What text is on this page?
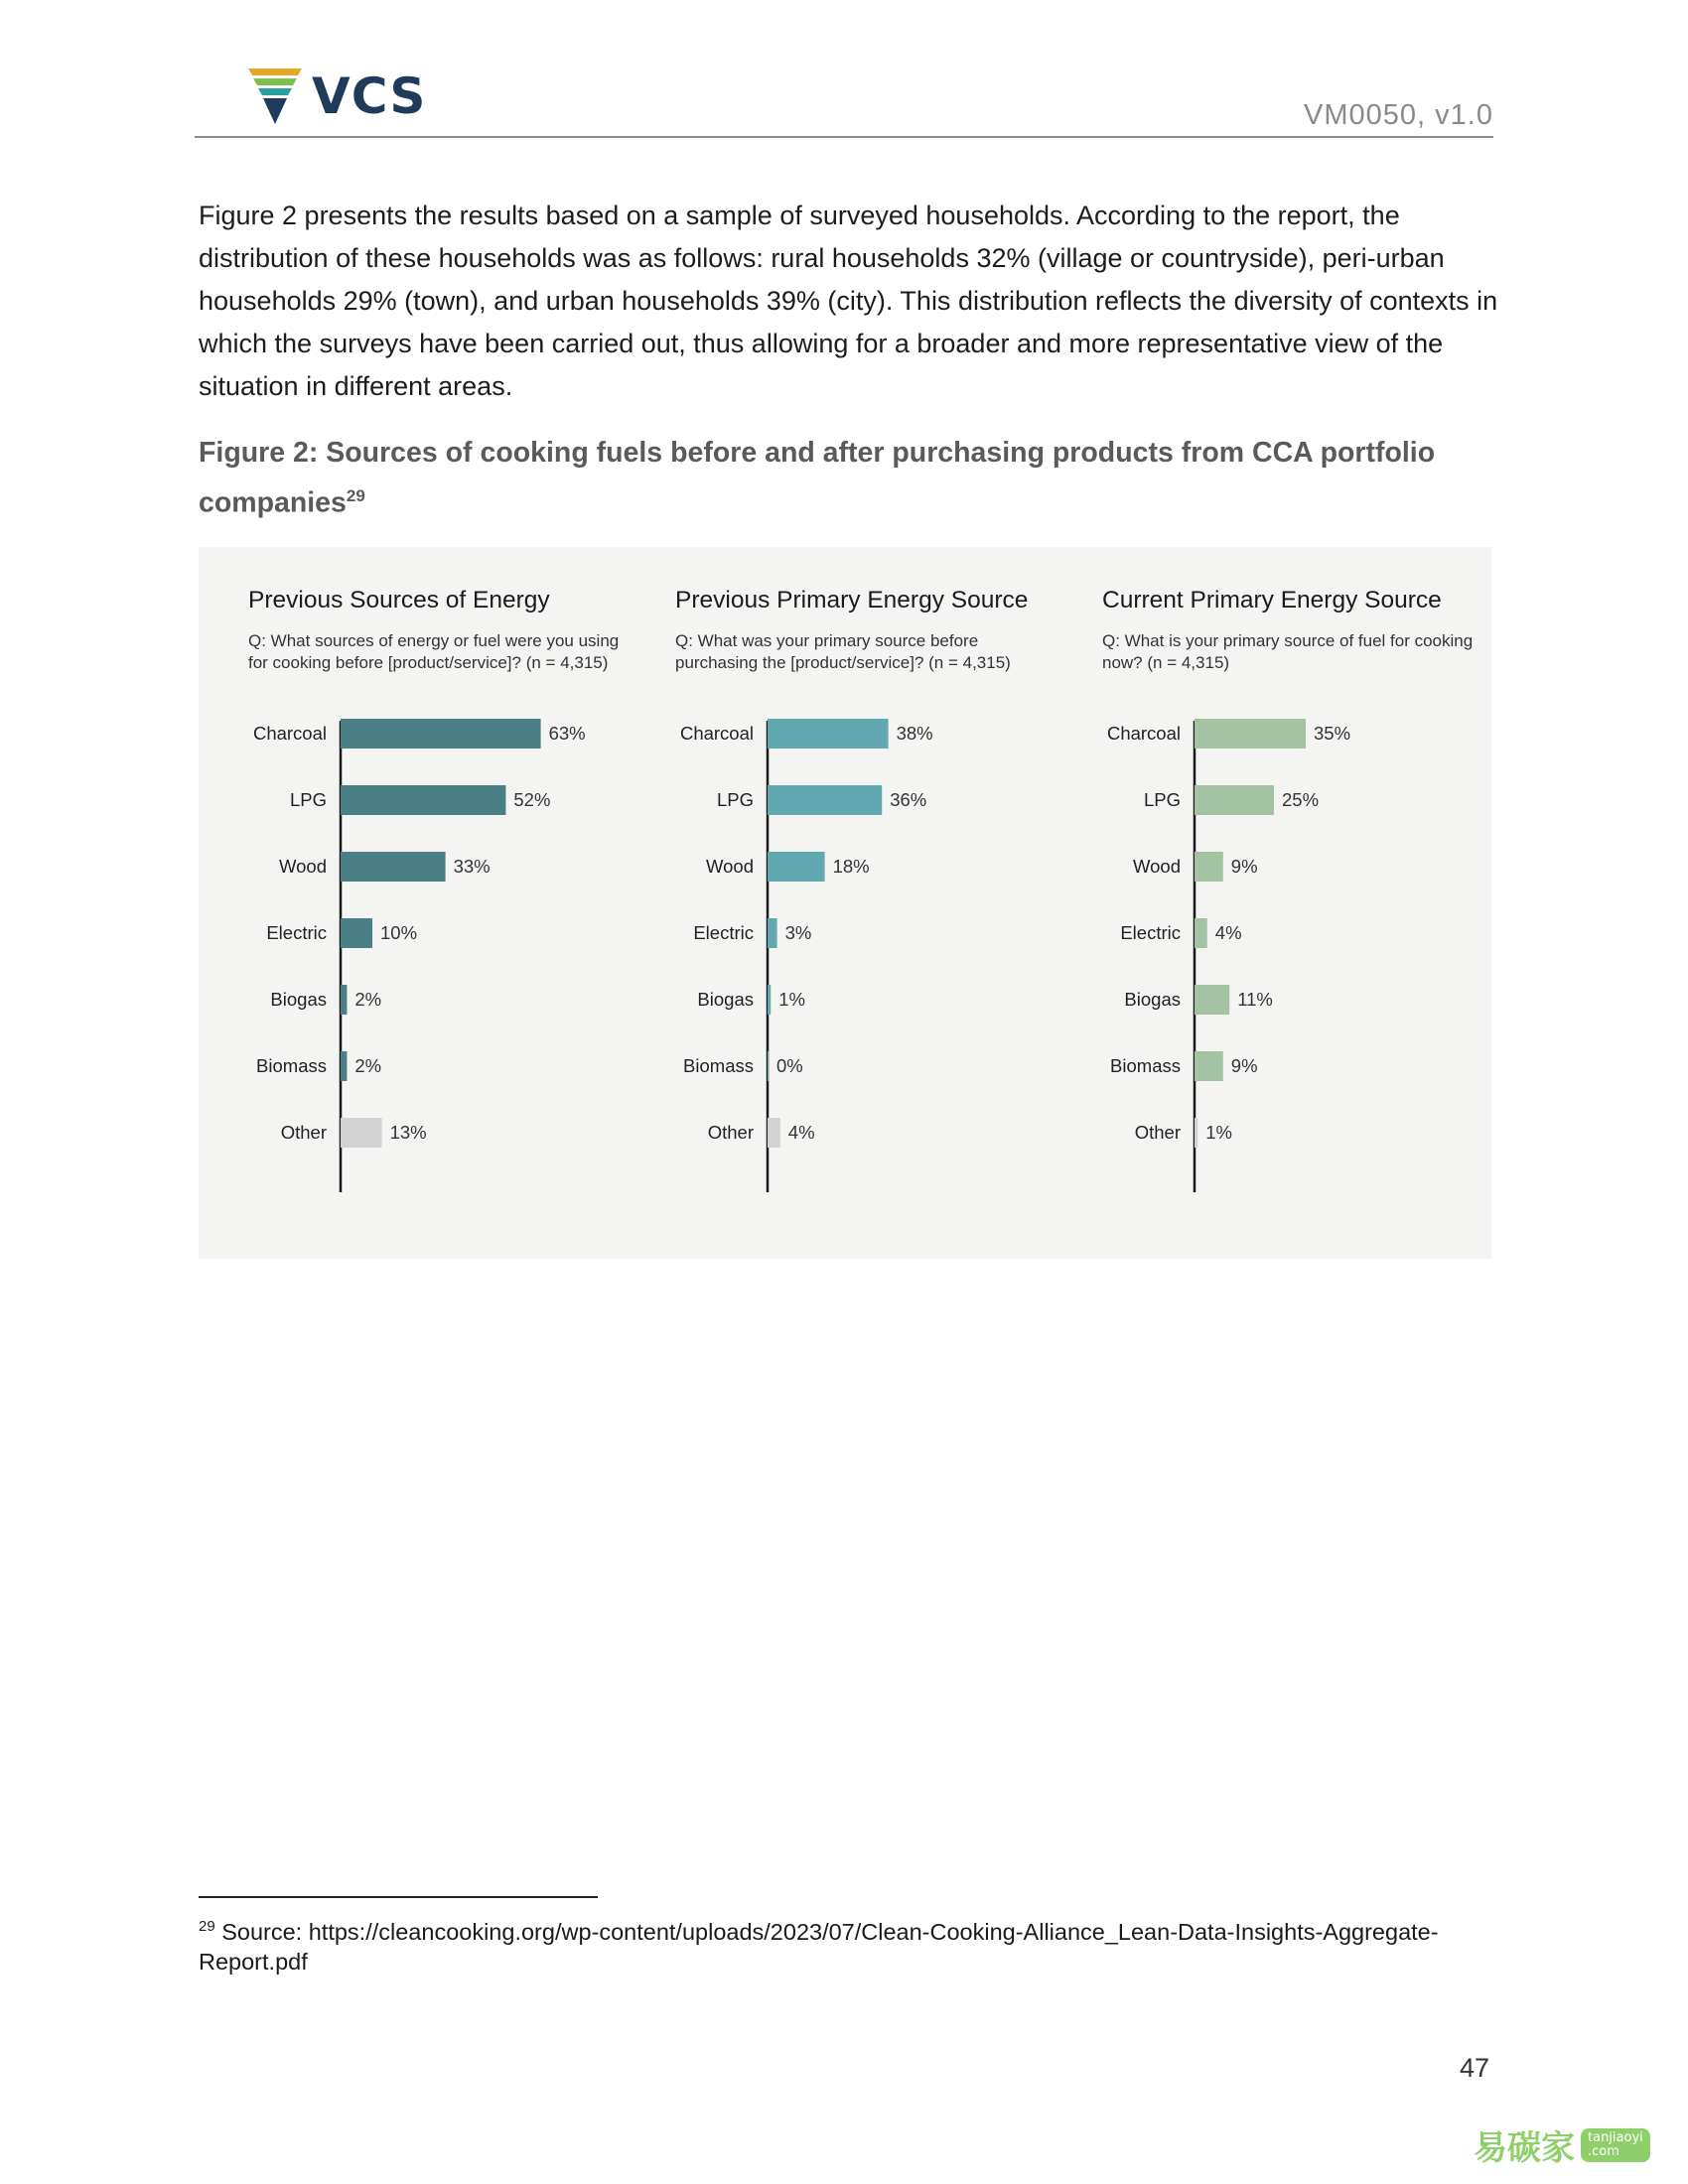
VCS	VM0050, v1.0

Figure 2 presents the results based on a sample of surveyed households. According to the report, the distribution of these households was as follows: rural households 32% (village or countryside), peri-urban households 29% (town), and urban households 39% (city). This distribution reflects the diversity of contexts in which the surveys have been carried out, thus allowing for a broader and more representative view of the situation in different areas.

Figure 2: Sources of cooking fuels before and after purchasing products from CCA portfolio companies$^{29}$

Previous Sources of Energy
Q: What sources of energy or fuel were you using for cooking before [product/service]? (n = 4,315)
Charcoal	63%
LPG	52%
Wood	33%
Electric	10%
Biogas 2%
Biomass 2%
Other	13%
Previous Primary Energy Source
Q: What was your primary source before purchasing the [product/service]? (n = 4,315)
Charcoal	38%
LPG	36%
Wood	18%
Electric 3%
Biogas 1%
Biomass 0%
Other 4%
Current Primary Energy Source
Q: What is your primary source of fuel for cooking now? (n = 4,315)
Charcoal	35%
LPG	25%
Wood	9%
Electric 4%
Biogas	11%
Biomass	9%
Other 1%
$^{29}$ Source: https://cleancooking.org/wp-content/uploads/2023/07/Clean-Cooking-Alliance_Lean-Data-Insights-Aggregate-Report.pdf
47
易碳家	tanjiaoyi
.com
